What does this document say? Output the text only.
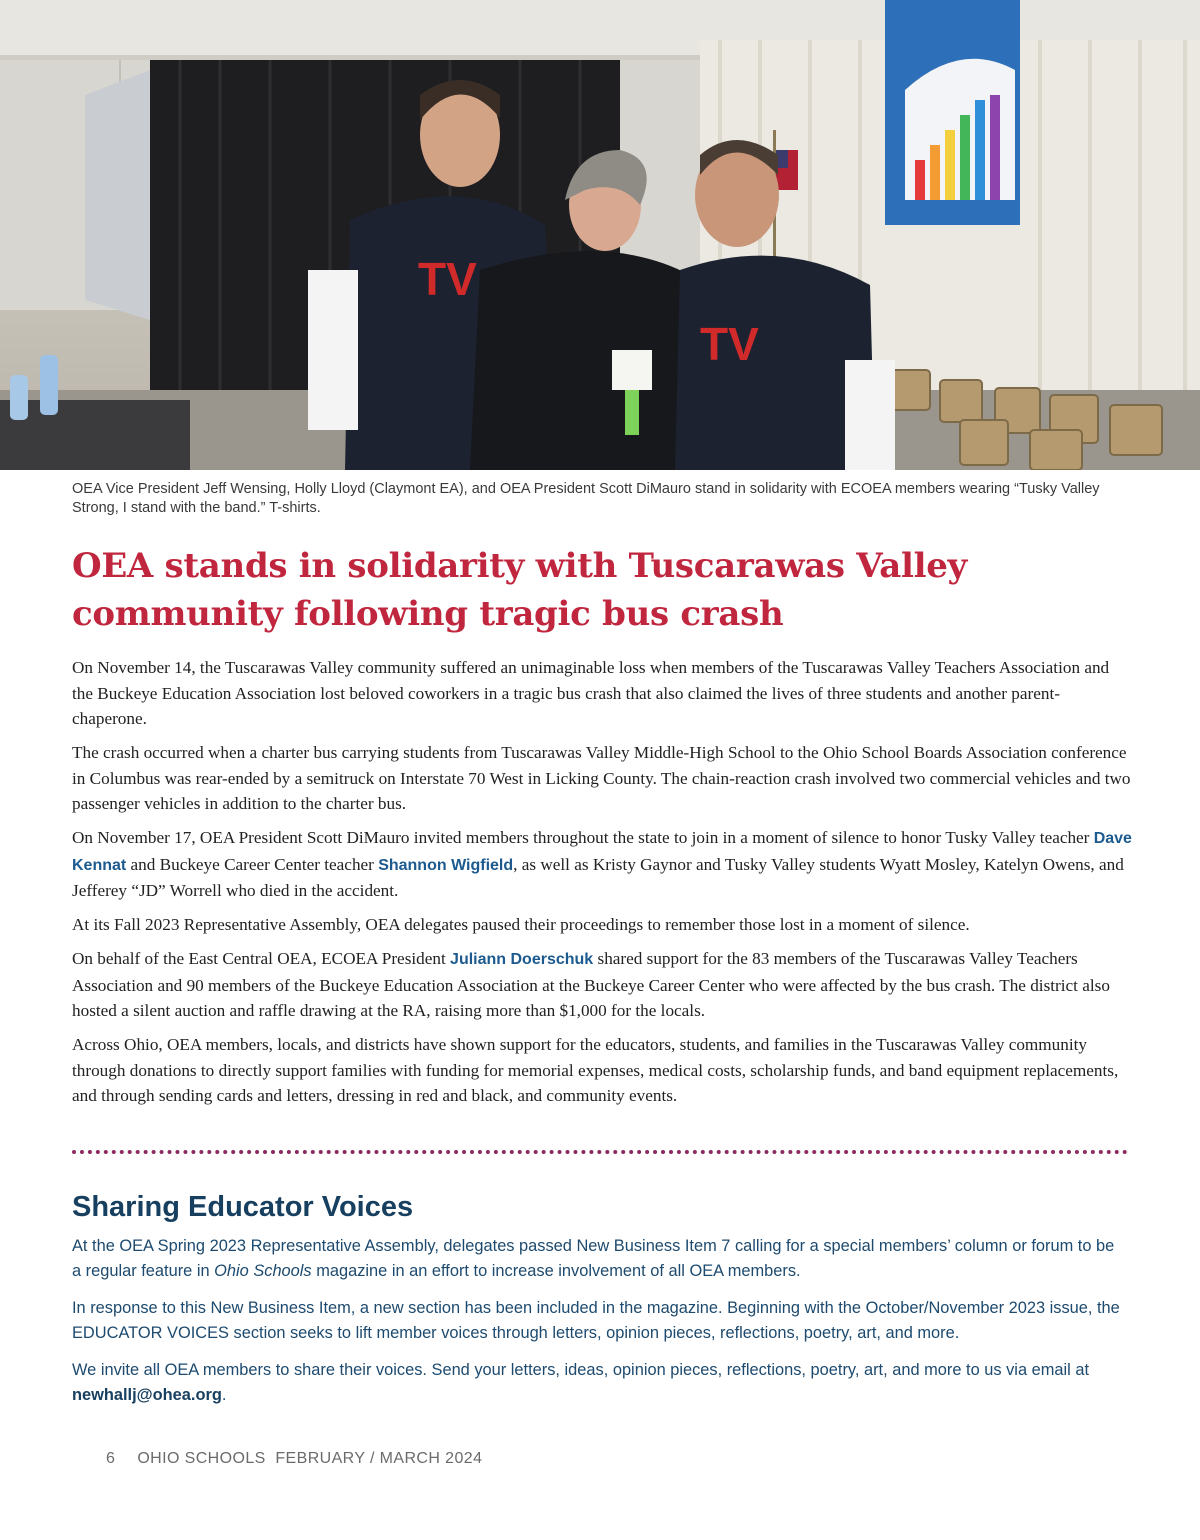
TV
TV
OEA Vice President Jeff Wensing, Holly Lloyd (Claymont EA), and OEA President Scott DiMauro stand in solidarity with ECOEA members wearing “Tusky Valley Strong, I stand with the band.” T-shirts.
OEA stands in solidarity with Tuscarawas Valley community following tragic bus crash

On November 14, the Tuscarawas Valley community suffered an unimaginable loss when members of the Tuscarawas Valley Teachers Association and the Buckeye Education Association lost beloved coworkers in a tragic bus crash that also claimed the lives of three students and another parent-chaperone.

The crash occurred when a charter bus carrying students from Tuscarawas Valley Middle-High School to the Ohio School Boards Association conference in Columbus was rear-ended by a semitruck on Interstate 70 West in Licking County. The chain-reaction crash involved two commercial vehicles and two passenger vehicles in addition to the charter bus.

On November 17, OEA President Scott DiMauro invited members throughout the state to join in a moment of silence to honor Tusky Valley teacher Dave Kennat and Buckeye Career Center teacher Shannon Wigfield, as well as Kristy Gaynor and Tusky Valley students Wyatt Mosley, Katelyn Owens, and Jefferey “JD” Worrell who died in the accident.

At its Fall 2023 Representative Assembly, OEA delegates paused their proceedings to remember those lost in a moment of silence.

On behalf of the East Central OEA, ECOEA President Juliann Doerschuk shared support for the 83 members of the Tuscarawas Valley Teachers Association and 90 members of the Buckeye Education Association at the Buckeye Career Center who were affected by the bus crash. The district also hosted a silent auction and raffle drawing at the RA, raising more than $1,000 for the locals.

Across Ohio, OEA members, locals, and districts have shown support for the educators, students, and families in the Tuscarawas Valley community through donations to directly support families with funding for memorial expenses, medical costs, scholarship funds, and band equipment replacements, and through sending cards and letters, dressing in red and black, and community events.

Sharing Educator Voices

At the OEA Spring 2023 Representative Assembly, delegates passed New Business Item 7 calling for a special members’ column or forum to be a regular feature in Ohio Schools magazine in an effort to increase involvement of all OEA members.

In response to this New Business Item, a new section has been included in the magazine. Beginning with the October/November 2023 issue, the EDUCATOR VOICES section seeks to lift member voices through letters, opinion pieces, reflections, poetry, art, and more.

We invite all OEA members to share their voices. Send your letters, ideas, opinion pieces, reflections, poetry, art, and more to us via email at newhallj@ohea.org.

6 OHIO SCHOOLS  FEBRUARY / MARCH 2024
